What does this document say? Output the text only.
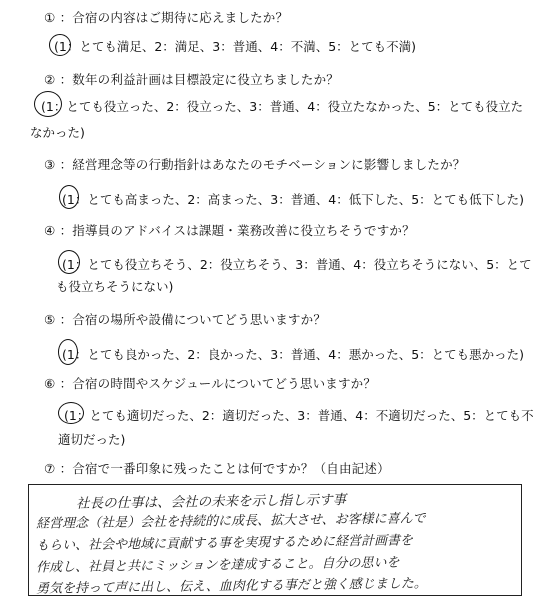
① ：合宿の内容はご期待に応えましたか？
(1：とても満足、2：満足、3：普通、4：不満、5：とても不満)
② ：数年の利益計画は目標設定に役立ちましたか？
(1：とても役立った、2：役立った、3：普通、4：役立たなかった、5：とても役立た
なかった)
③ ：経営理念等の行動指針はあなたのモチベーションに影響しましたか？
(1：とても高まった、2：高まった、3：普通、4：低下した、5：とても低下した)
④ ：指導員のアドバイスは課題・業務改善に役立ちそうですか？
(1：とても役立ちそう、2：役立ちそう、3：普通、4：役立ちそうにない、5：とて
も役立ちそうにない)
⑤ ：合宿の場所や設備についてどう思いますか？
(1：とても良かった、2：良かった、3：普通、4：悪かった、5：とても悪かった)
⑥ ：合宿の時間やスケジュールについてどう思いますか？
(1：とても適切だった、2：適切だった、3：普通、4：不適切だった、5：とても不
適切だった)
⑦ ：合宿で一番印象に残ったことは何ですか？（自由記述）
社長の仕事は、会社の未来を示し指し示す事
経営理念（社是）会社を持続的に成長、拡大させ、お客様に喜んで
もらい、社会や地域に貢献する事を実現するために経営計画書を
作成し、社員と共にミッションを達成すること。自分の思いを
勇気を持って声に出し、伝え、血肉化する事だと強く感じました。
